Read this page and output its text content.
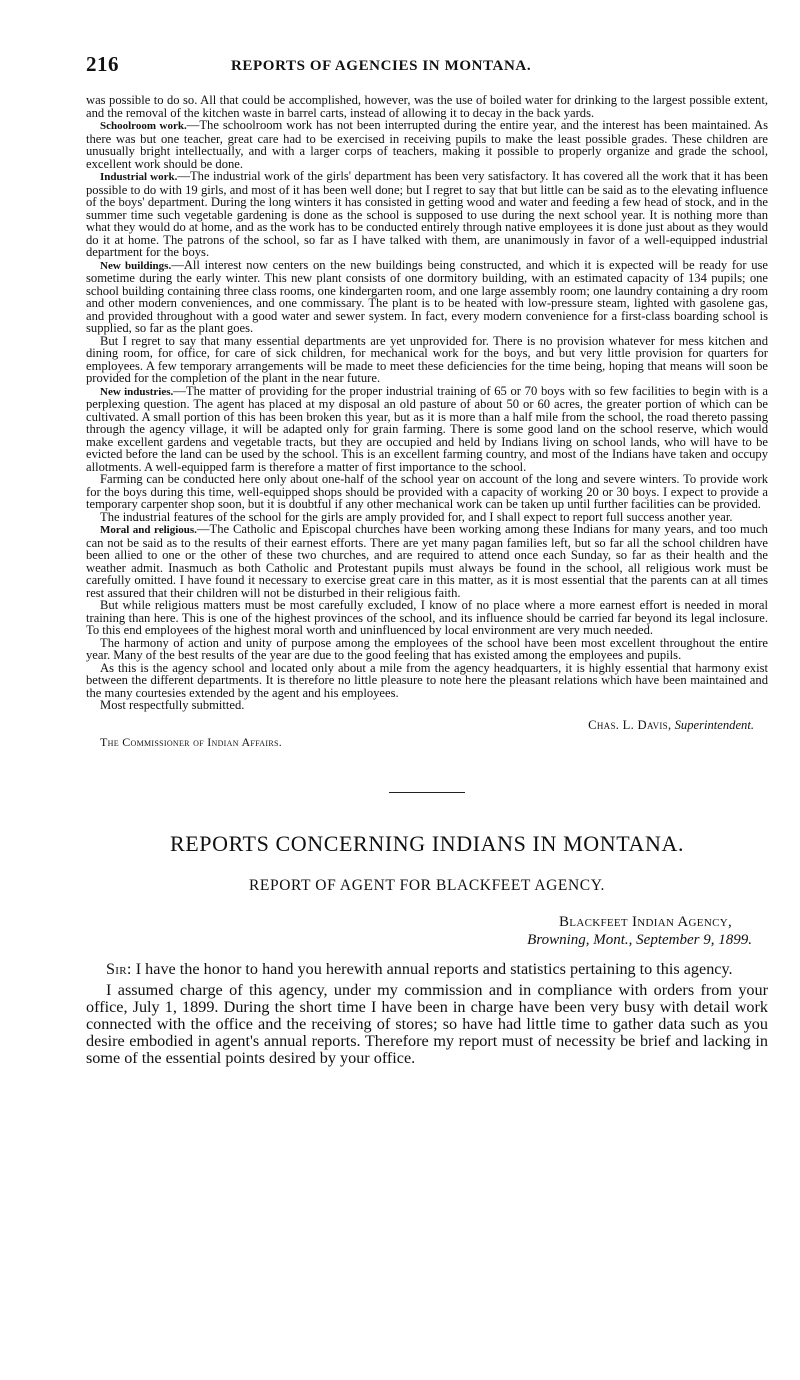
216	REPORTS OF AGENCIES IN MONTANA.

was possible to do so. All that could be accomplished, however, was the use of boiled water for drinking to the largest possible extent, and the removal of the kitchen waste in barrel carts, instead of allowing it to decay in the back yards.

Schoolroom work.—The schoolroom work has not been interrupted during the entire year, and the interest has been maintained. As there was but one teacher, great care had to be exercised in receiving pupils to make the least possible grades. These children are unusually bright intellectually, and with a larger corps of teachers, making it possible to properly organize and grade the school, excellent work should be done.

Industrial work.—The industrial work of the girls' department has been very satisfactory. It has covered all the work that it has been possible to do with 19 girls, and most of it has been well done; but I regret to say that but little can be said as to the elevating influence of the boys' department. During the long winters it has consisted in getting wood and water and feeding a few head of stock, and in the summer time such vegetable gardening is done as the school is supposed to use during the next school year. It is nothing more than what they would do at home, and as the work has to be conducted entirely through native employees it is done just about as they would do it at home. The patrons of the school, so far as I have talked with them, are unanimously in favor of a well-equipped industrial department for the boys.

New buildings.—All interest now centers on the new buildings being constructed, and which it is expected will be ready for use sometime during the early winter. This new plant consists of one dormitory building, with an estimated capacity of 134 pupils; one school building containing three class rooms, one kindergarten room, and one large assembly room; one laundry containing a dry room and other modern conveniences, and one commissary. The plant is to be heated with low-pressure steam, lighted with gasolene gas, and provided throughout with a good water and sewer system. In fact, every modern convenience for a first-class boarding school is supplied, so far as the plant goes.

But I regret to say that many essential departments are yet unprovided for. There is no provision whatever for mess kitchen and dining room, for office, for care of sick children, for mechanical work for the boys, and but very little provision for quarters for employees. A few temporary arrangements will be made to meet these deficiencies for the time being, hoping that means will soon be provided for the completion of the plant in the near future.

New industries.—The matter of providing for the proper industrial training of 65 or 70 boys with so few facilities to begin with is a perplexing question. The agent has placed at my disposal an old pasture of about 50 or 60 acres, the greater portion of which can be cultivated. A small portion of this has been broken this year, but as it is more than a half mile from the school, the road thereto passing through the agency village, it will be adapted only for grain farming. There is some good land on the school reserve, which would make excellent gardens and vegetable tracts, but they are occupied and held by Indians living on school lands, who will have to be evicted before the land can be used by the school. This is an excellent farming country, and most of the Indians have taken and occupy allotments. A well-equipped farm is therefore a matter of first importance to the school.

Farming can be conducted here only about one-half of the school year on account of the long and severe winters. To provide work for the boys during this time, well-equipped shops should be provided with a capacity of working 20 or 30 boys. I expect to provide a temporary carpenter shop soon, but it is doubtful if any other mechanical work can be taken up until further facilities can be provided.

The industrial features of the school for the girls are amply provided for, and I shall expect to report full success another year.

Moral and religious.—The Catholic and Episcopal churches have been working among these Indians for many years, and too much can not be said as to the results of their earnest efforts. There are yet many pagan families left, but so far all the school children have been allied to one or the other of these two churches, and are required to attend once each Sunday, so far as their health and the weather admit. Inasmuch as both Catholic and Protestant pupils must always be found in the school, all religious work must be carefully omitted. I have found it necessary to exercise great care in this matter, as it is most essential that the parents can at all times rest assured that their children will not be disturbed in their religious faith.

But while religious matters must be most carefully excluded, I know of no place where a more earnest effort is needed in moral training than here. This is one of the highest provinces of the school, and its influence should be carried far beyond its legal inclosure. To this end employees of the highest moral worth and uninfluenced by local environment are very much needed.

The harmony of action and unity of purpose among the employees of the school have been most excellent throughout the entire year. Many of the best results of the year are due to the good feeling that has existed among the employees and pupils.

As this is the agency school and located only about a mile from the agency headquarters, it is highly essential that harmony exist between the different departments. It is therefore no little pleasure to note here the pleasant relations which have been maintained and the many courtesies extended by the agent and his employees.

Most respectfully submitted.

Chas. L. Davis, Superintendent.
The Commissioner of Indian Affairs.
REPORTS CONCERNING INDIANS IN MONTANA.
REPORT OF AGENT FOR BLACKFEET AGENCY.
Blackfeet Indian Agency,
Browning, Mont., September 9, 1899.

Sir: I have the honor to hand you herewith annual reports and statistics pertaining to this agency.

I assumed charge of this agency, under my commission and in compliance with orders from your office, July 1, 1899. During the short time I have been in charge have been very busy with detail work connected with the office and the receiving of stores; so have had little time to gather data such as you desire embodied in agent's annual reports. Therefore my report must of necessity be brief and lacking in some of the essential points desired by your office.
